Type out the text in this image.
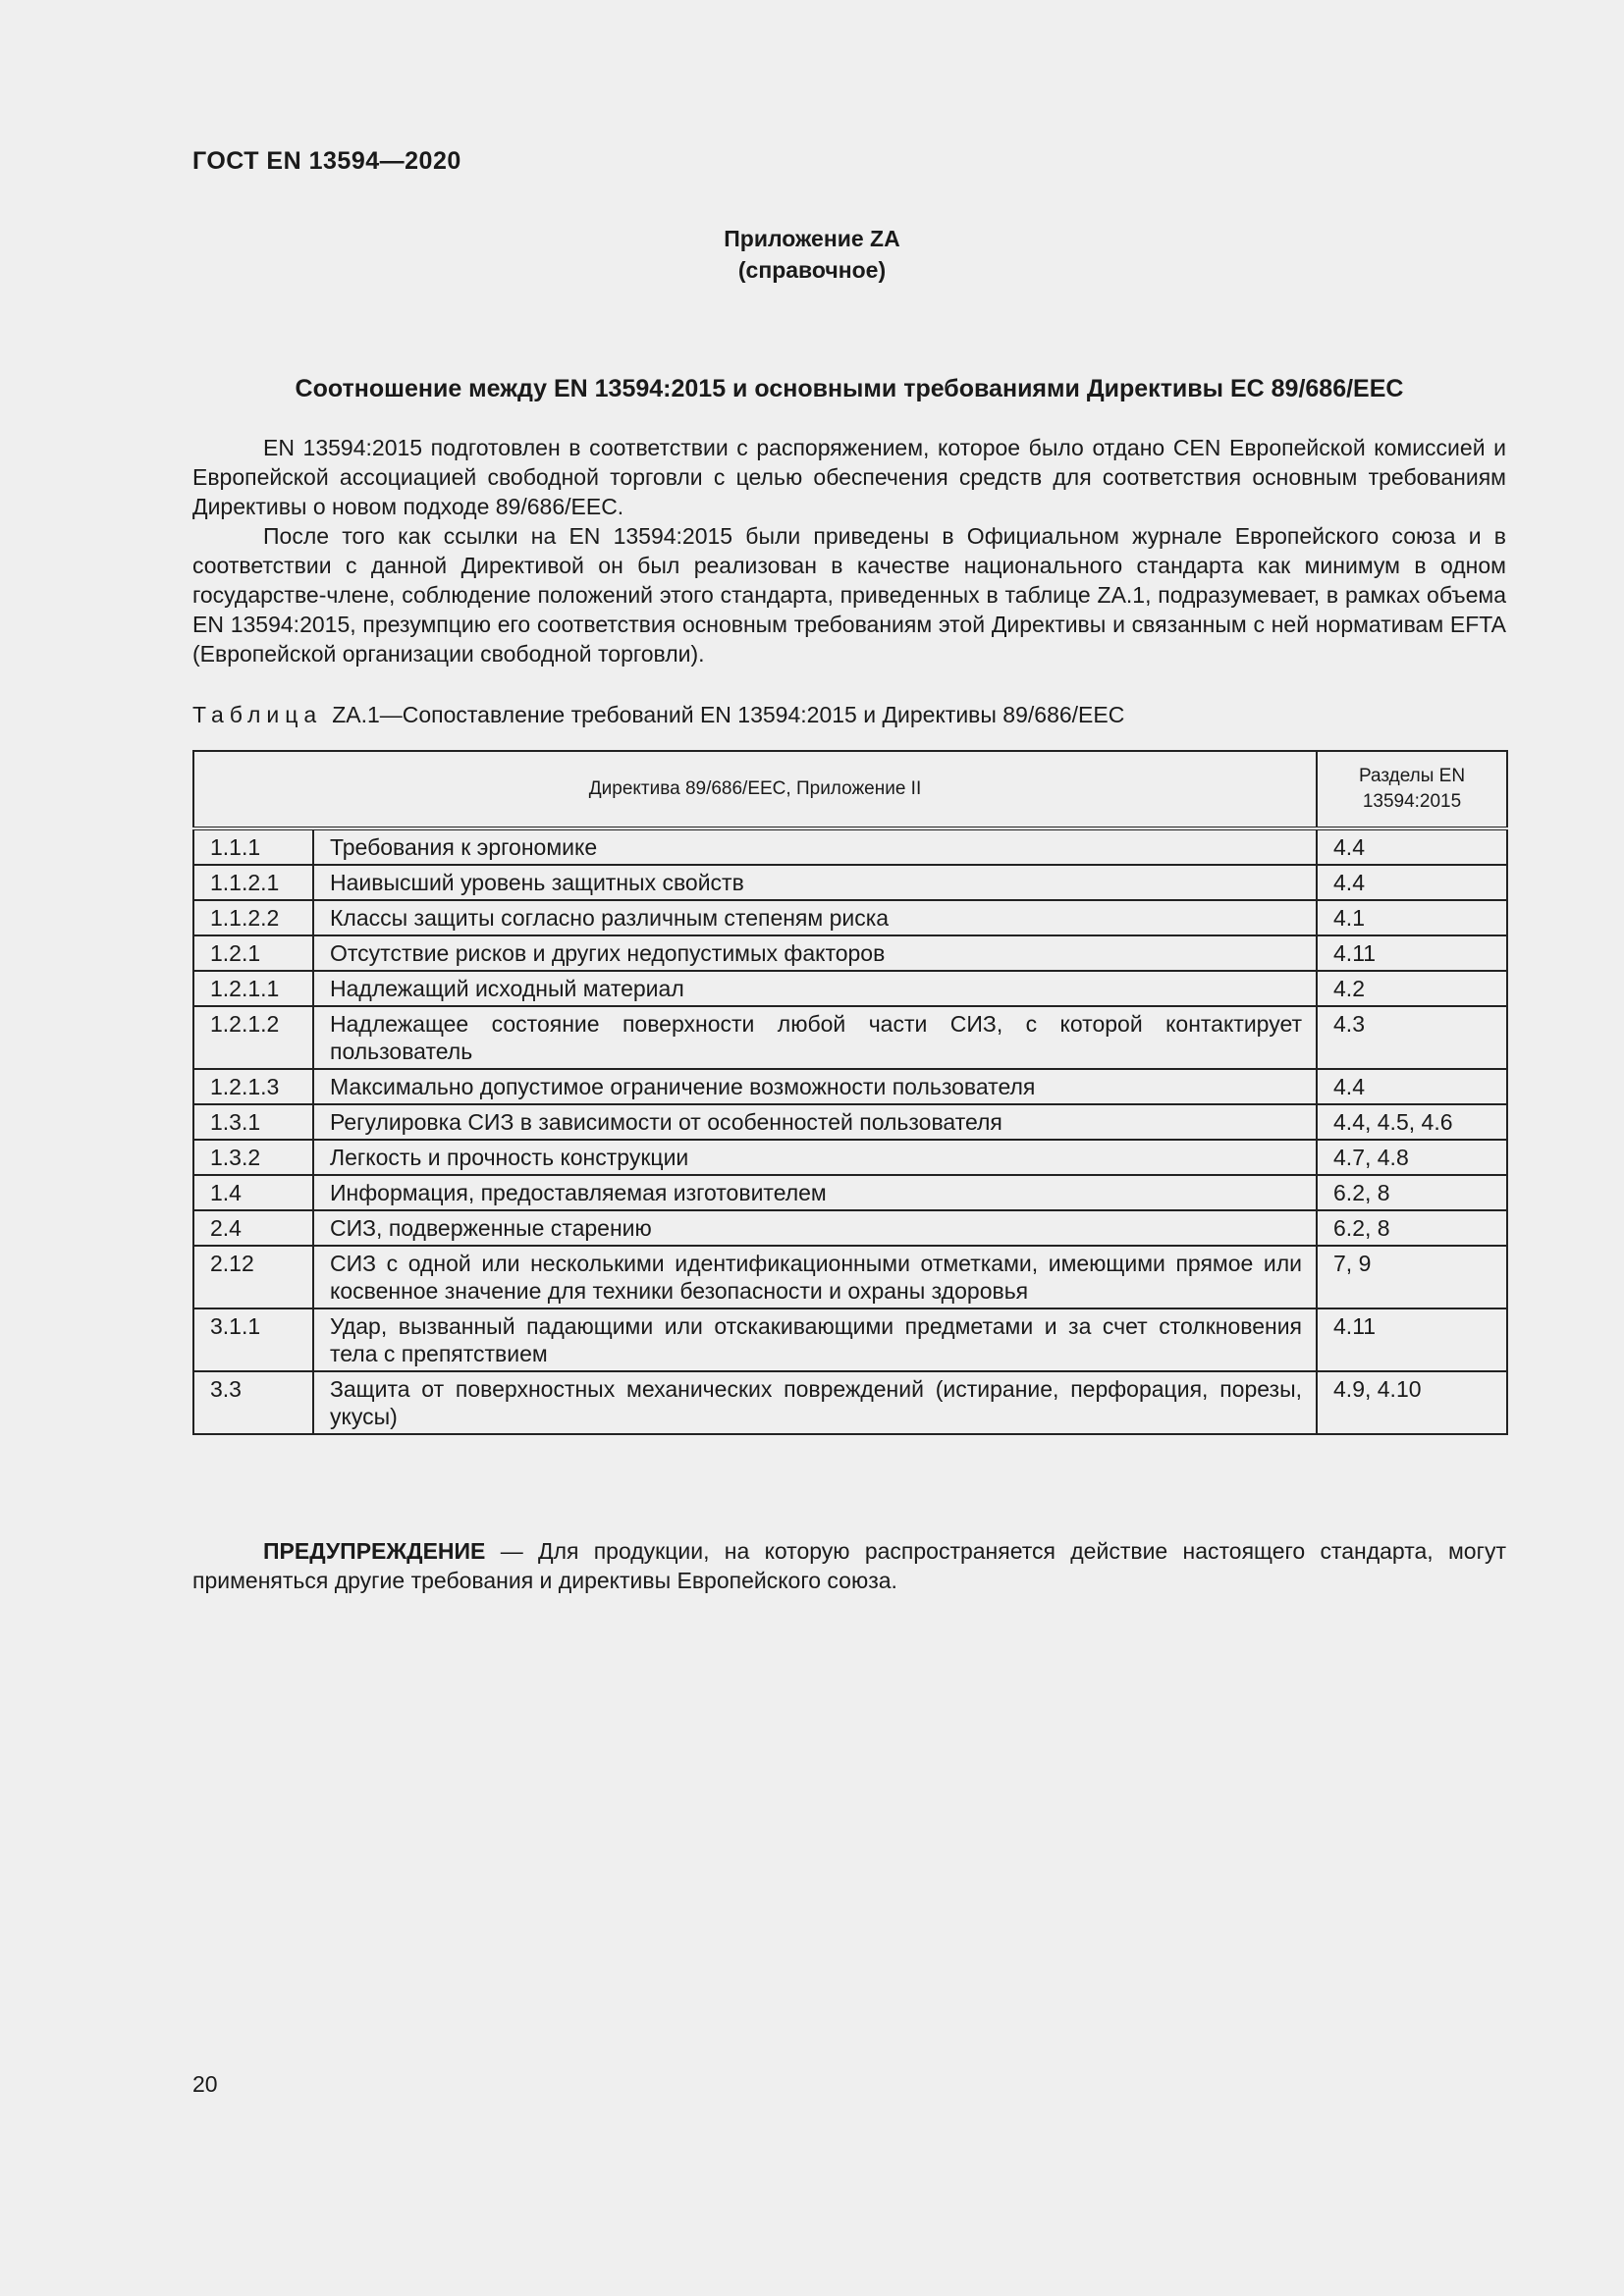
ГОСТ EN 13594—2020
Приложение ZA
(справочное)
Соотношение между EN 13594:2015 и основными требованиями Директивы ЕС 89/686/EEC

EN 13594:2015 подготовлен в соответствии с распоряжением, которое было отдано CEN Европейской комиссией и Европейской ассоциацией свободной торговли с целью обеспечения средств для соответствия основным требованиям Директивы о новом подходе 89/686/EEC.

После того как ссылки на EN 13594:2015 были приведены в Официальном журнале Европейского союза и в соответствии с данной Директивой он был реализован в качестве национального стандарта как минимум в одном государстве-члене, соблюдение положений этого стандарта, приведенных в таблице ZA.1, подразумевает, в рамках объема EN 13594:2015, презумпцию его соответствия основным требованиям этой Директивы и связанным с ней нормативам EFTA (Европейской организации свободной торговли).

Таблица ZA.1—Сопоставление требований EN 13594:2015 и Директивы 89/686/EEC
Директива 89/686/EEC, Приложение II		Разделы EN 13594:2015
1.1.1	Требования к эргономике	4.4
1.1.2.1	Наивысший уровень защитных свойств	4.4
1.1.2.2	Классы защиты согласно различным степеням риска	4.1
1.2.1	Отсутствие рисков и других недопустимых факторов	4.11
1.2.1.1	Надлежащий исходный материал	4.2
1.2.1.2	Надлежащее состояние поверхности любой части СИЗ, с которой контактирует пользователь	4.3
1.2.1.3	Максимально допустимое ограничение возможности пользователя	4.4
1.3.1	Регулировка СИЗ в зависимости от особенностей пользователя	4.4, 4.5, 4.6
1.3.2	Легкость и прочность конструкции	4.7, 4.8
1.4	Информация, предоставляемая изготовителем	6.2, 8
2.4	СИЗ, подверженные старению	6.2, 8
2.12	СИЗ с одной или несколькими идентификационными отметками, имеющими прямое или косвенное значение для техники безопасности и охраны здоровья	7, 9
3.1.1	Удар, вызванный падающими или отскакивающими предметами и за счет столкновения тела с препятствием	4.11
3.3	Защита от поверхностных механических повреждений (истирание, перфорация, порезы, укусы)	4.9, 4.10

ПРЕДУПРЕЖДЕНИЕ — Для продукции, на которую распространяется действие настоящего стандарта, могут применяться другие требования и директивы Европейского союза.

20
